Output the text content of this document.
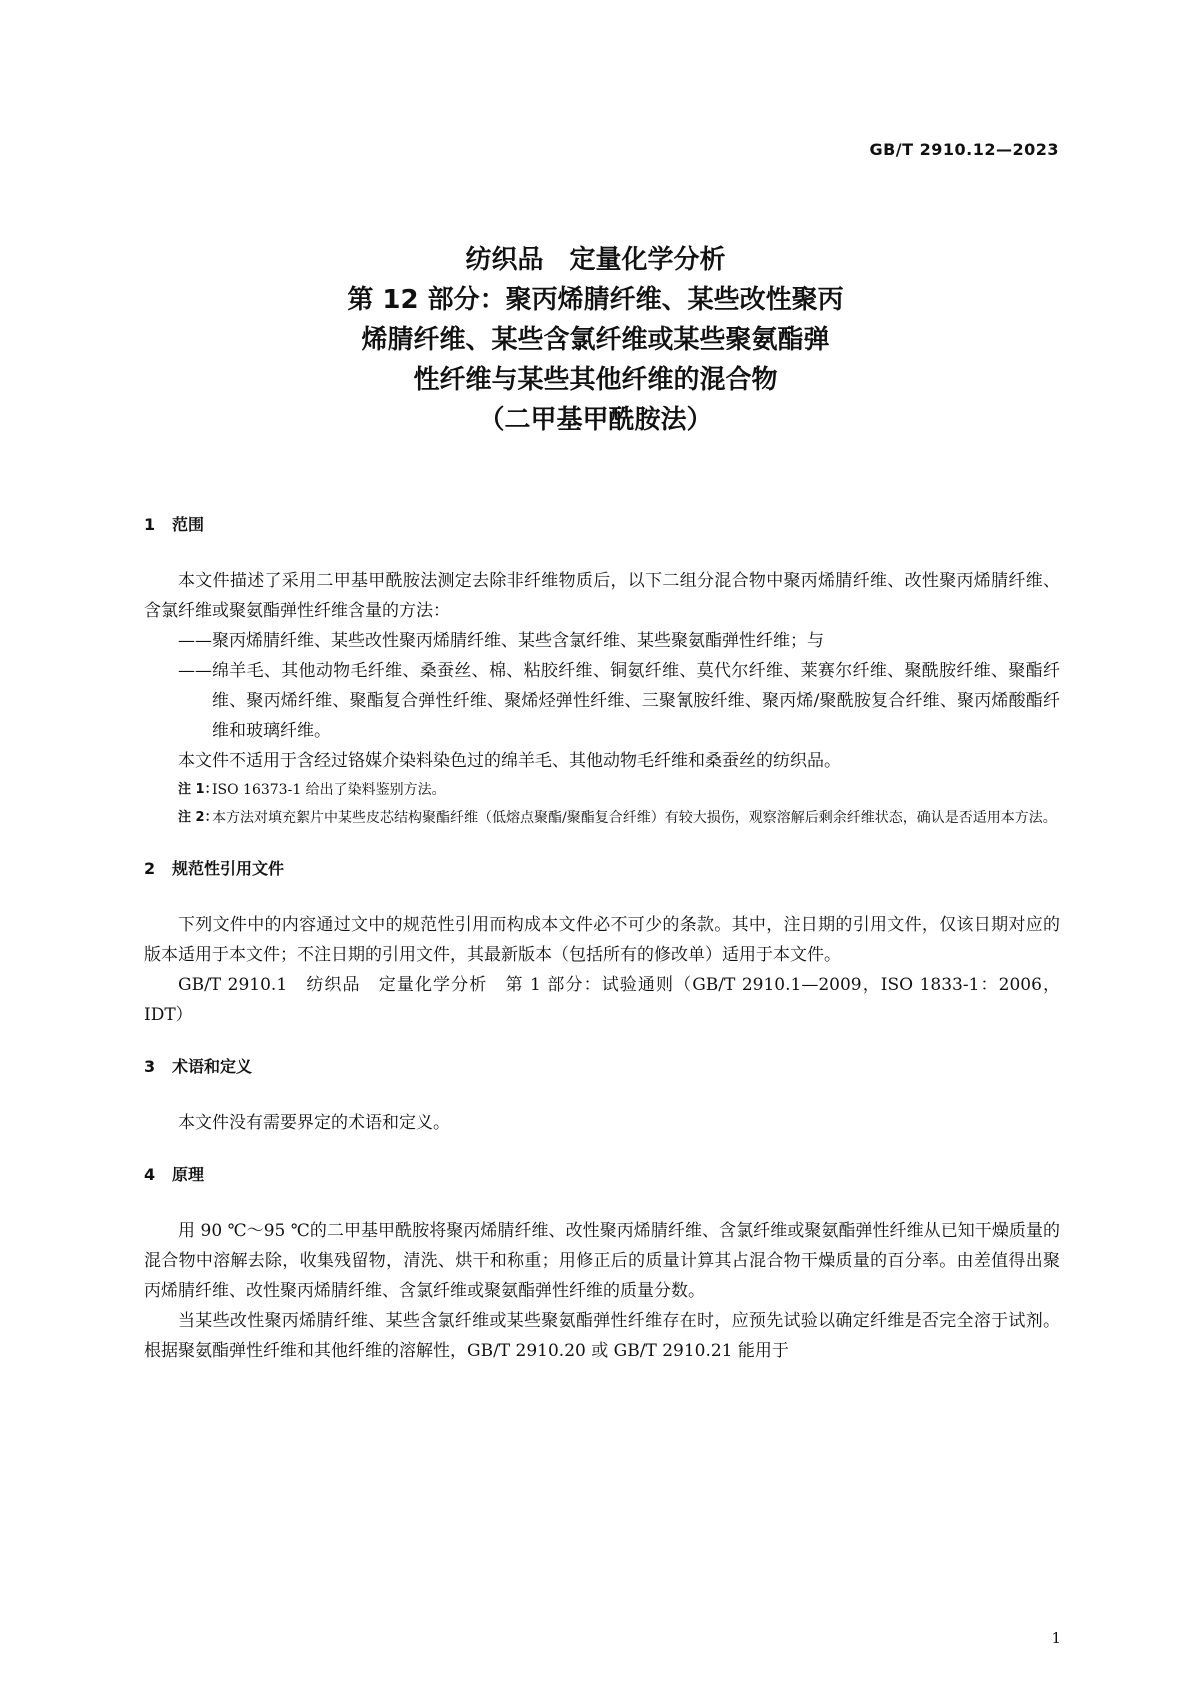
GB/T 2910.12—2023
纺织品　定量化学分析
第 12 部分：聚丙烯腈纤维、某些改性聚丙
烯腈纤维、某些含氯纤维或某些聚氨酯弹
性纤维与某些其他纤维的混合物
（二甲基甲酰胺法）
1 范围

本文件描述了采用二甲基甲酰胺法测定去除非纤维物质后，以下二组分混合物中聚丙烯腈纤维、改性聚丙烯腈纤维、含氯纤维或聚氨酯弹性纤维含量的方法：

—— 聚丙烯腈纤维、某些改性聚丙烯腈纤维、某些含氯纤维、某些聚氨酯弹性纤维；与

—— 绵羊毛、其他动物毛纤维、桑蚕丝、棉、粘胶纤维、铜氨纤维、莫代尔纤维、莱赛尔纤维、聚酰胺纤维、聚酯纤维、聚丙烯纤维、聚酯复合弹性纤维、聚烯烃弹性纤维、三聚氰胺纤维、聚丙烯/聚酰胺复合纤维、聚丙烯酸酯纤维和玻璃纤维。

本文件不适用于含经过铬媒介染料染色过的绵羊毛、其他动物毛纤维和桑蚕丝的纺织品。

注 1：
ISO 16373-1 给出了染料鉴别方法。

注 2：
本方法对填充絮片中某些皮芯结构聚酯纤维（低熔点聚酯/聚酯复合纤维）有较大损伤，观察溶解后剩余纤维状态，确认是否适用本方法。

2 规范性引用文件

下列文件中的内容通过文中的规范性引用而构成本文件必不可少的条款。其中，注日期的引用文件，仅该日期对应的版本适用于本文件；不注日期的引用文件，其最新版本（包括所有的修改单）适用于本文件。

GB/T 2910.1　纺织品　定量化学分析　第 1 部分：试验通则（GB/T 2910.1—2009，ISO 1833-1：2006，IDT）

3 术语和定义

本文件没有需要界定的术语和定义。

4 原理

用 90 ℃～95 ℃的二甲基甲酰胺将聚丙烯腈纤维、改性聚丙烯腈纤维、含氯纤维或聚氨酯弹性纤维从已知干燥质量的混合物中溶解去除，收集残留物，清洗、烘干和称重；用修正后的质量计算其占混合物干燥质量的百分率。由差值得出聚丙烯腈纤维、改性聚丙烯腈纤维、含氯纤维或聚氨酯弹性纤维的质量分数。

当某些改性聚丙烯腈纤维、某些含氯纤维或某些聚氨酯弹性纤维存在时，应预先试验以确定纤维是否完全溶于试剂。根据聚氨酯弹性纤维和其他纤维的溶解性，GB/T 2910.20 或 GB/T 2910.21 能用于

1
